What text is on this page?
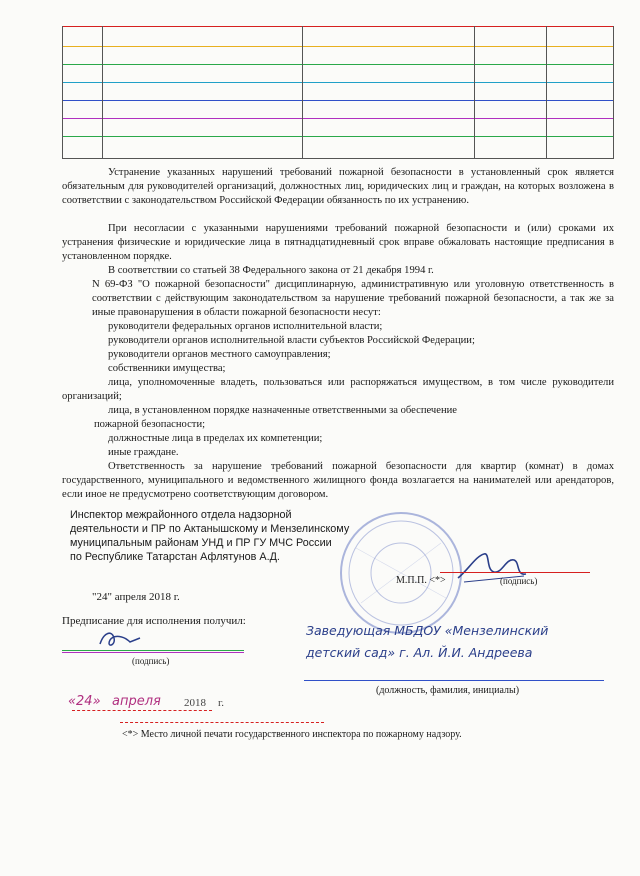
Устранение указанных нарушений требований пожарной безопасности в установленный срок является обязательным для руководителей организаций, должностных лиц, юридических лиц и граждан, на которых возложена в соответствии с законодательством Российской Федерации обязанность по их устранению.

При несогласии с указанными нарушениями требований пожарной безопасности и (или) сроками их устранения физические и юридические лица в пятнадцатидневный срок вправе обжаловать настоящие предписания в установленном порядке.

В соответствии со статьей 38 Федерального закона от 21 декабря 1994 г.

N 69-ФЗ "О пожарной безопасности" дисциплинарную, административную или уголовную ответственность в соответствии с действующим законодательством за нарушение требований пожарной безопасности, а так же за иные правонарушения в области пожарной безопасности несут:

руководители федеральных органов исполнительной власти;

руководители органов исполнительной власти субъектов Российской Федерации;

руководители органов местного самоуправления;

собственники имущества;

лица, уполномоченные владеть, пользоваться или распоряжаться имуществом, в том числе руководители организаций;

лица, в установленном порядке назначенные ответственными за обеспечение

пожарной безопасности;

должностные лица в пределах их компетенции;

иные граждане.

Ответственность за нарушение требований пожарной безопасности для квартир (комнат) в домах государственного, муниципального и ведомственного жилищного фонда возлагается на нанимателей или арендаторов, если иное не предусмотрено соответствующим договором.

Инспектор межрайонного отдела надзорной
деятельности и ПР по Актанышскому и Мензелинскому
муниципальным районам УНД и ПР ГУ МЧС России
по Республике Татарстан Афлятунов А.Д.
М.П.П. <*>	(подпись)
"24" апреля 2018 г.
Предписание для исполнения получил:
(подпись)
Заведующая МБДОУ «Мензелинский детский сад» г. Ал. Й.И. Андреева
(должность, фамилия, инициалы)
«24» апреля 2018 г.
<*> Место личной печати государственного инспектора по пожарному надзору.
